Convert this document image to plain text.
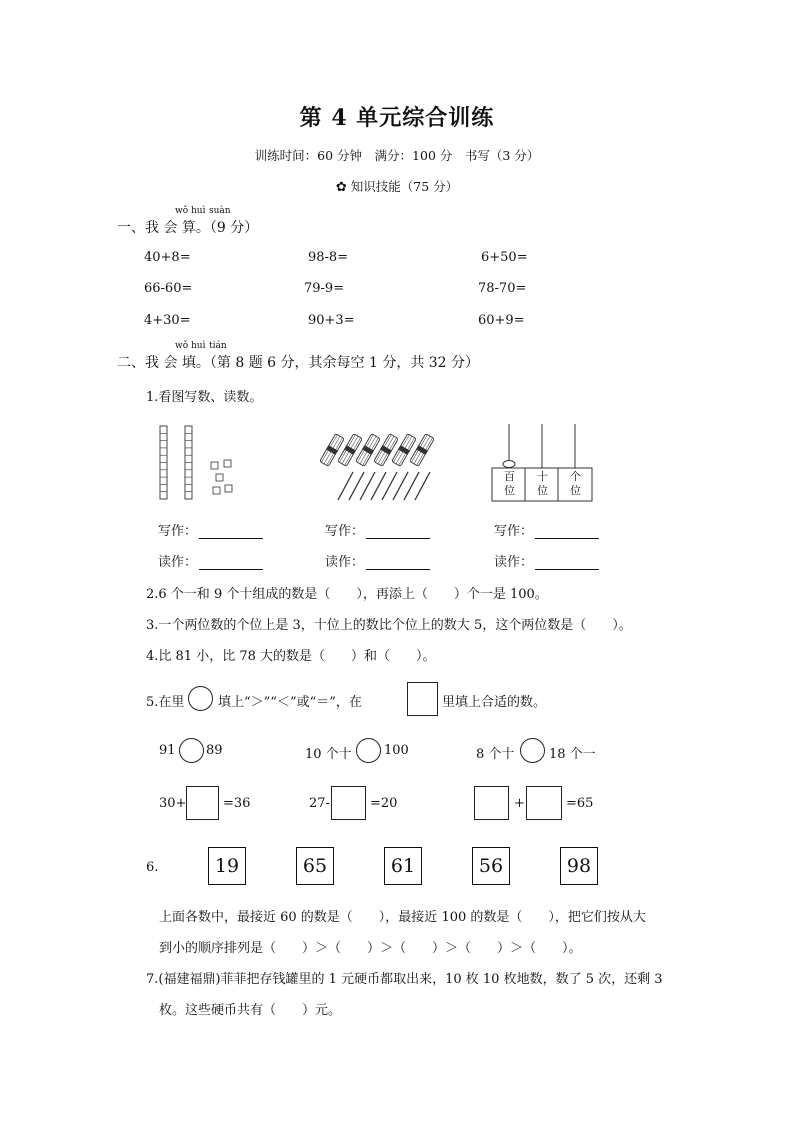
第 4 单元综合训练
训练时间：60 分钟　满分：100 分　书写（3 分）
✿ 知识技能（75 分）
一、
wǒ huì suàn
我 会 算。（9 分）
40+8=	98-8=	6+50=
66-60=	79-9=	78-70=
4+30=	90+3=	60+9=
二、
wǒ huì tián
我 会 填。（第 8 题 6 分，其余每空 1 分，共 32 分）
1.看图写数、读数。
百
位
十
位
个
位
写作：
读作：
写作：
读作：
写作：
读作：
2.6 个一和 9 个十组成的数是（　　），再添上（　　）个一是 100。
3.一个两位数的个位上是 3，十位上的数比个位上的数大 5，这个两位数是（　　）。
4.比 81 小，比 78 大的数是（　　）和（　　）。
5.在里	填上“＞”“＜”或“＝”，在	里填上合适的数。
91 89	10 个十 100	8 个十	18 个一
30+	=36	27-	=20	+	=65
6.	19	65	61	56	98
上面各数中，最接近 60 的数是（　　），最接近 100 的数是（　　），把它们按从大
到小的顺序排列是（　　）＞（　　）＞（　　）＞（　　）＞（　　）。
7.(福建福鼎)菲菲把存钱罐里的 1 元硬币都取出来，10 枚 10 枚地数，数了 5 次，还剩 3
枚。这些硬币共有（　　）元。
